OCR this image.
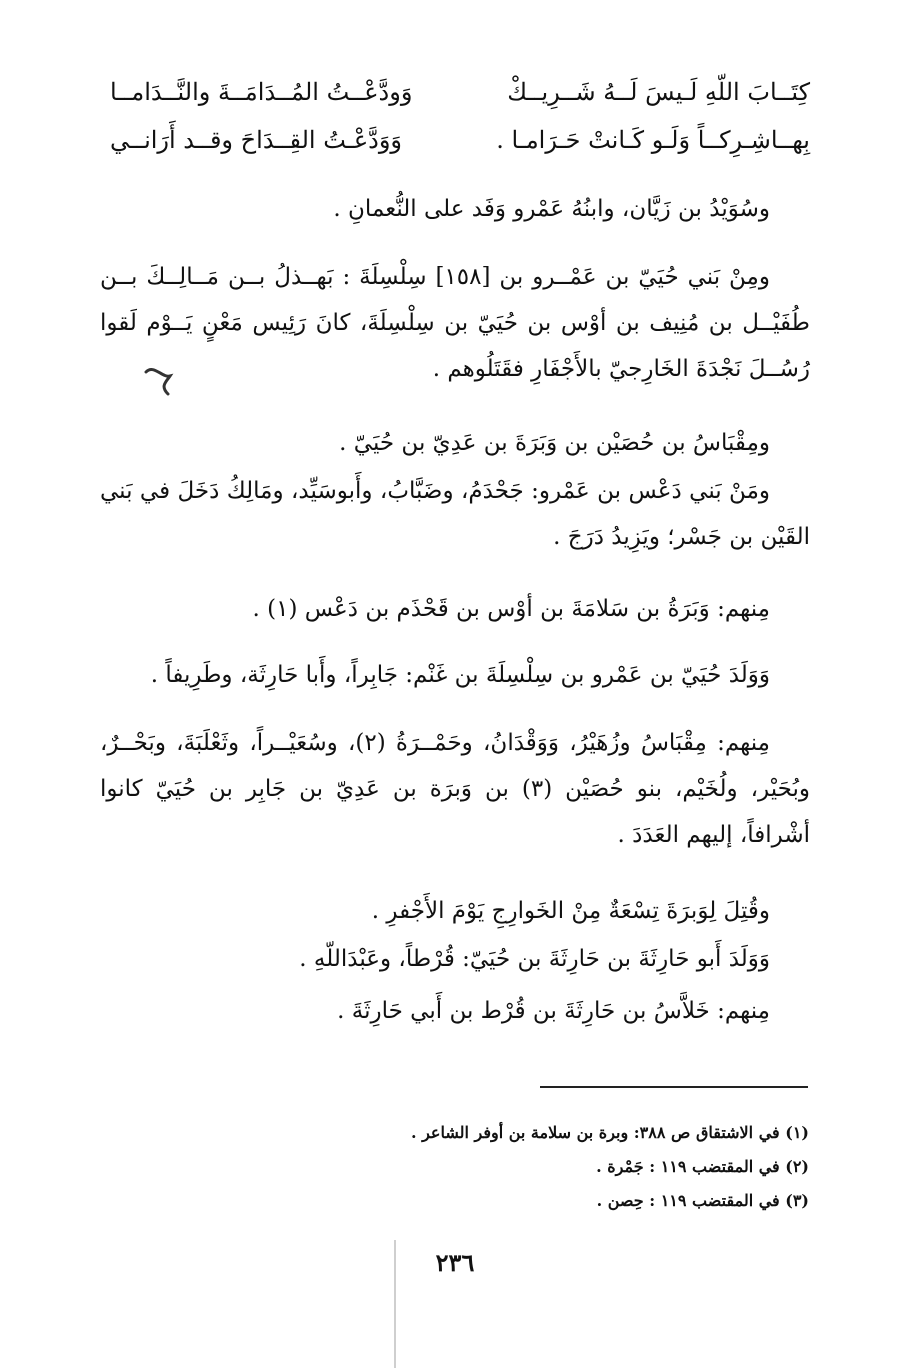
كِتَــابَ اللّهِ لَـيسَ لَــهُ شَــرِيــكْ
وَودَّعْــتُ المُــدَامَــةَ والنَّــدَامــا
بِهــاشِـرِكــاً وَلَـو كَـانتْ حَـرَامـا .
وَوَدَّعْـتُ القِــدَاحَ وقــد أَرَانــي
وسُوَيْدُ بن زَيَّان، وابنُهُ عَمْرو وَفَد على النُّعمانِ .
ومِنْ بَني حُيَيّ بن عَمْــرو بن [١٥٨] سِلْسِلَةَ : بَهــذلُ بــن مَــالِــكَ بــن طُفَيْــل بن مُنِيف بن أوْس بن حُيَيّ بن سِلْسِلَةَ، كانَ رَئِيس مَعْنٍ يَــوْم لَقوا رُسُــلَ نَجْدَةَ الخَارِجيّ بالأَجْفَارِ فقَتَلُوهم .
ومِقْبَاسُ بن حُصَيْن بن وَبَرَةَ بن عَدِيّ بن حُيَيّ .
ومَنْ بَني دَعْس بن عَمْرو: جَحْدَمُ، وضَبَّابُ، وأَبوسَيِّد، ومَالِكُ دَخَلَ في بَني القَيْن بن جَسْر؛ ويَزِيدُ دَرَجَ .
مِنهم: وَبَرَةُ بن سَلامَةَ بن أوْس بن قَحْذَم بن دَعْس (١) .
وَوَلَدَ حُيَيّ بن عَمْرو بن سِلْسِلَةَ بن غَنْم: جَابِراً، وأَبا حَارِثَة، وطَرِيفاً .
مِنهم: مِقْبَاسُ وزُهَيْرُ، وَوَقْدَانُ، وحَمْــرَةُ (٢)، وسُعَيْــراً، وثَعْلَبَةَ، وبَحْــرٌ، وبُحَيْر، ولُخَيْم، بنو حُصَيْن (٣) بن وَبرَة بن عَدِيّ بن جَابِر بن حُيَيّ كانوا أشْرافاً، إليهم العَدَدَ .
وقُتِلَ لِوَبرَةَ تِسْعَةٌ مِنْ الخَوارِجِ يَوْمَ الأَجْفرِ .
وَوَلَدَ أَبو حَارِثَةَ بن حَارِثَةَ بن حُيَيّ: قُرْطاً، وعَبْدَاللّهِ .
مِنهم: خَلاَّسُ بن حَارِثَةَ بن قُرْط بن أَبي حَارِثَةَ .
(١) في الاشتقاق ص ٣٨٨: وبرة بن سلامة بن أوفر الشاعر .
(٢) في المقتضب ١١٩ : جَمْرة .
(٣) في المقتضب ١١٩ : حِصن .
٢٣٦
